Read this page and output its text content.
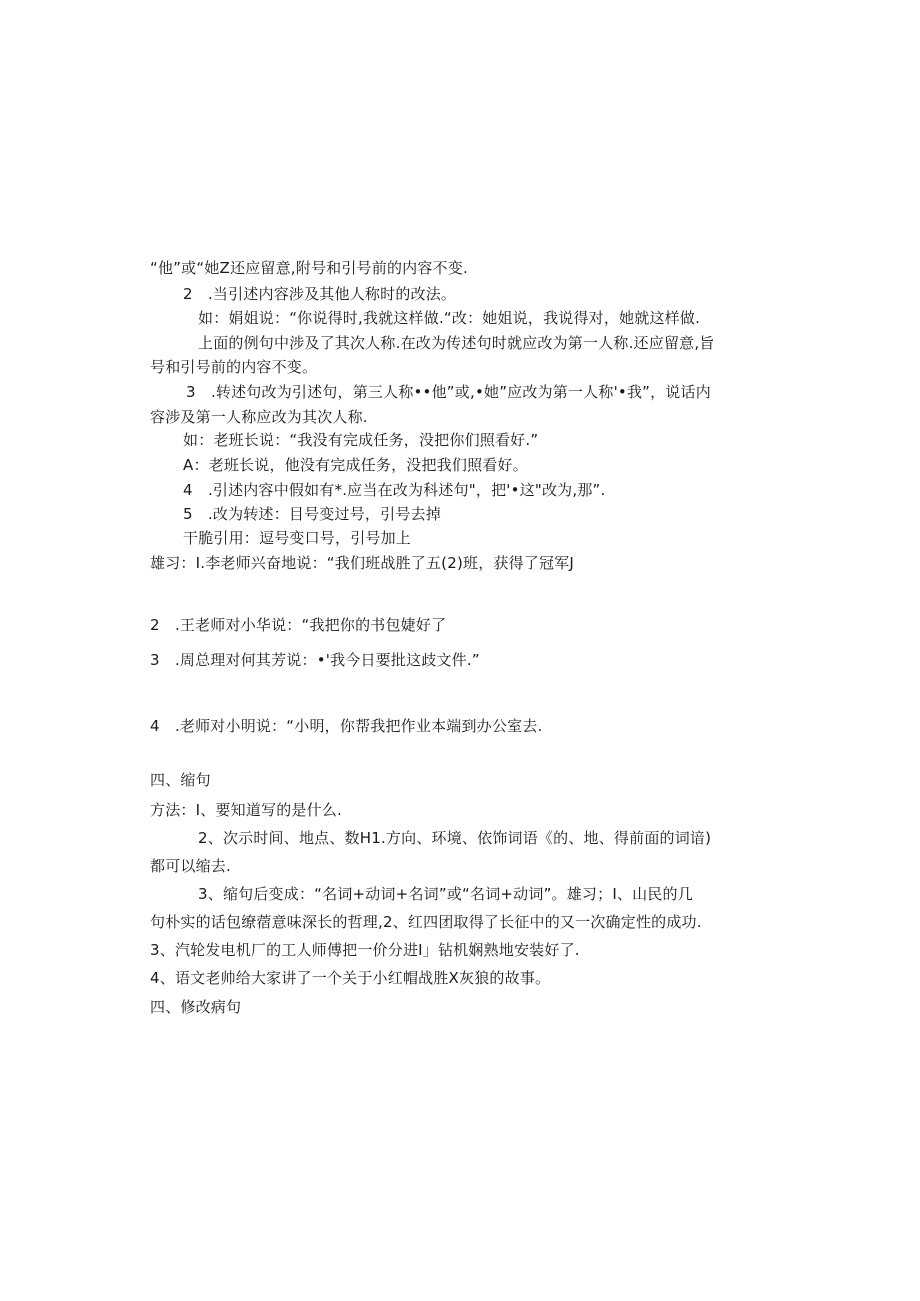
“他”或“她Z还应留意,附号和引号前的内容不变.
2　.当引述内容涉及其他人称时的改法。
如：娟姐说：“你说得时,我就这样做.“改：她姐说，我说得对，她就这样做.
上面的例句中涉及了其次人称.在改为传述句时就应改为第一人称.还应留意,旨
号和引号前的内容不变。
3　.转述句改为引述句，第三人称••他”或,•她”应改为第一人称'•我”，说话内
容涉及第一人称应改为其次人称.
如：老班长说：“我没有完成任务，没把你们照看好.”
A：老班长说，他没有完成任务，没把我们照看好。
4　.引述内容中假如有*.应当在改为科述句"，把'•这"改为,那”.
5　.改为转述：目号变过号，引号去掉
干脆引用：逗号变口号，引号加上
雄习：I.李老师兴奋地说：“我们班战胜了五(2)班，获得了冠军J
2　.王老师对小华说：“我把你的书包婕好了
3　.周总理对何其芳说：•'我今日要批这歧文件.”
4　.老师对小明说：“小明，你帮我把作业本端到办公室去.
四、缩句
方法：I、要知道写的是什么.
2、次示时间、地点、数H1.方向、环境、依饰词语《的、地、得前面的词谙)
都可以缩去.
3、缩句后变成：“名词+动词+名词”或“名词+动词”。雄习；I、山民的几
句朴实的话包缭蓿意味深长的哲理,2、红四团取得了长征中的又一次确定性的成功.
3、汽轮发电机厂的工人师傅把一价分进I」钻机娴熟地安装好了.
4、语文老帅给大家讲了一个关于小红帽战胜X灰狼的故事。
四、修改病句
